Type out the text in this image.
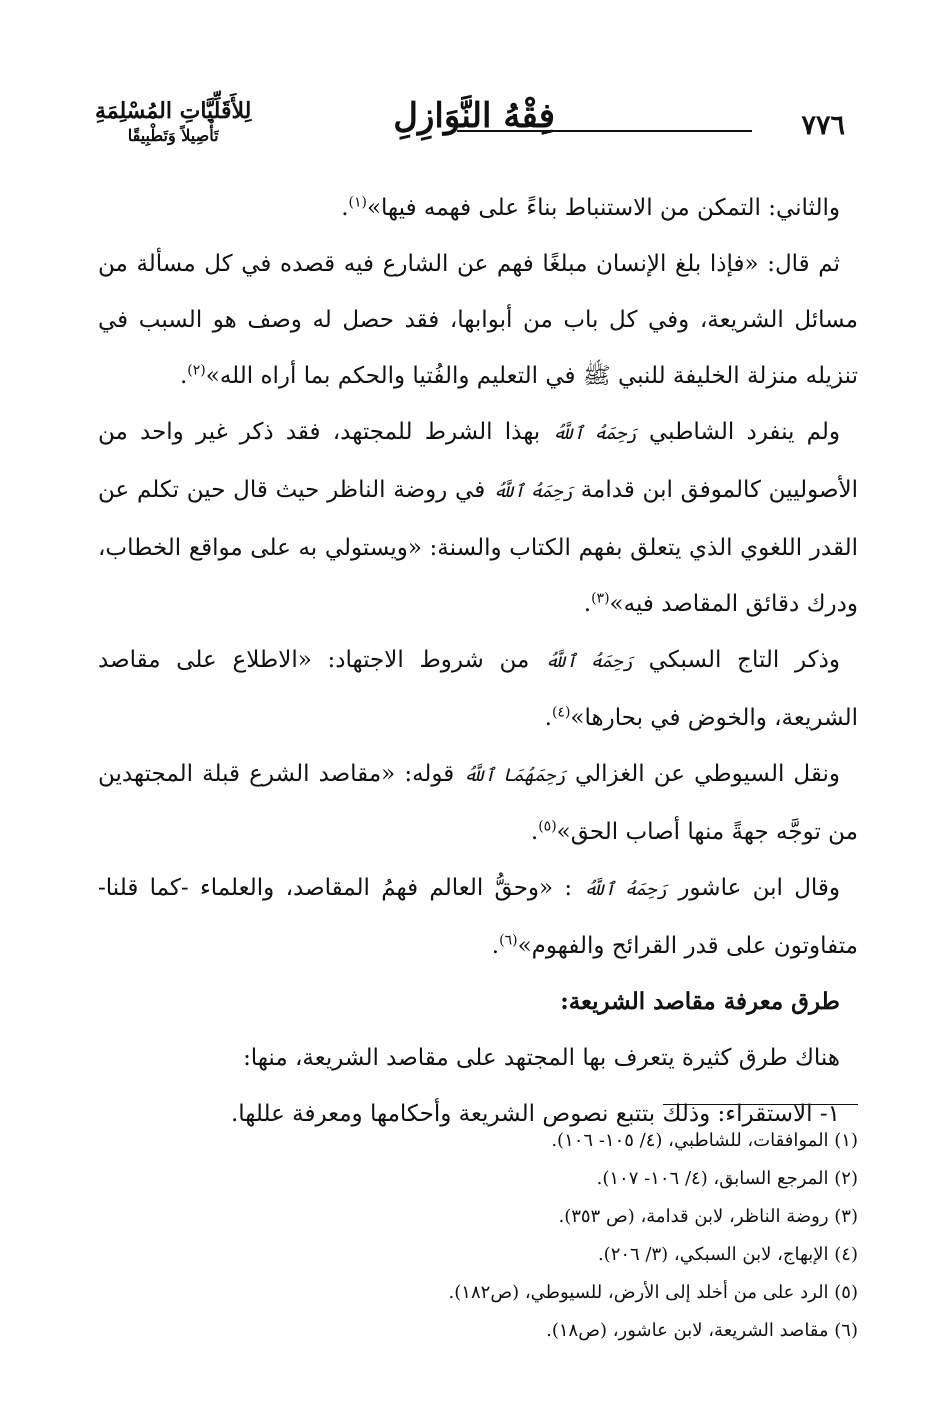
٧٧٦
فِقْهُ النَّوَازِلِ
لِلأَقَلِّيَّاتِ المُسْلِمَةِ
تَأْصِيلاً وَتَطْبِيقًا

والثاني: التمكن من الاستنباط بناءً على فهمه فيها»$^{(١)}$.

ثم قال: «فإذا بلغ الإنسان مبلغًا فهم عن الشارع فيه قصده في كل مسألة من مسائل الشريعة، وفي كل باب من أبوابها، فقد حصل له وصف هو السبب في تنزيله منزلة الخليفة للنبي ﷺ في التعليم والفُتيا والحكم بما أراه الله»$^{(٢)}$.

ولم ينفرد الشاطبي رَحِمَهُ ٱللَّهُ بهذا الشرط للمجتهد، فقد ذكر غير واحد من الأصوليين كالموفق ابن قدامة رَحِمَهُ ٱللَّهُ في روضة الناظر حيث قال حين تكلم عن القدر اللغوي الذي يتعلق بفهم الكتاب والسنة: «ويستولي به على مواقع الخطاب، ودرك دقائق المقاصد فيه»$^{(٣)}$.

وذكر التاج السبكي رَحِمَهُ ٱللَّهُ من شروط الاجتهاد: «الاطلاع على مقاصد الشريعة، والخوض في بحارها»$^{(٤)}$.

ونقل السيوطي عن الغزالي رَحِمَهُمَا ٱللَّهُ قوله: «مقاصد الشرع قبلة المجتهدين من توجَّه جهةً منها أصاب الحق»$^{(٥)}$.

وقال ابن عاشور رَحِمَهُ ٱللَّهُ : «وحقُّ العالم فهمُ المقاصد، والعلماء -كما قلنا- متفاوتون على قدر القرائح والفهوم»$^{(٦)}$.

طرق معرفة مقاصد الشريعة:

هناك طرق كثيرة يتعرف بها المجتهد على مقاصد الشريعة، منها:

١- الاستقراء: وذلك بتتبع نصوص الشريعة وأحكامها ومعرفة عللها.

(١) الموافقات، للشاطبي، (٤/ ١٠٥- ١٠٦).
(٢) المرجع السابق، (٤/ ١٠٦- ١٠٧).
(٣) روضة الناظر، لابن قدامة، (ص ٣٥٣).
(٤) الإبهاج، لابن السبكي، (٣/ ٢٠٦).
(٥) الرد على من أخلد إلى الأرض، للسيوطي، (ص١٨٢).
(٦) مقاصد الشريعة، لابن عاشور، (ص١٨).
